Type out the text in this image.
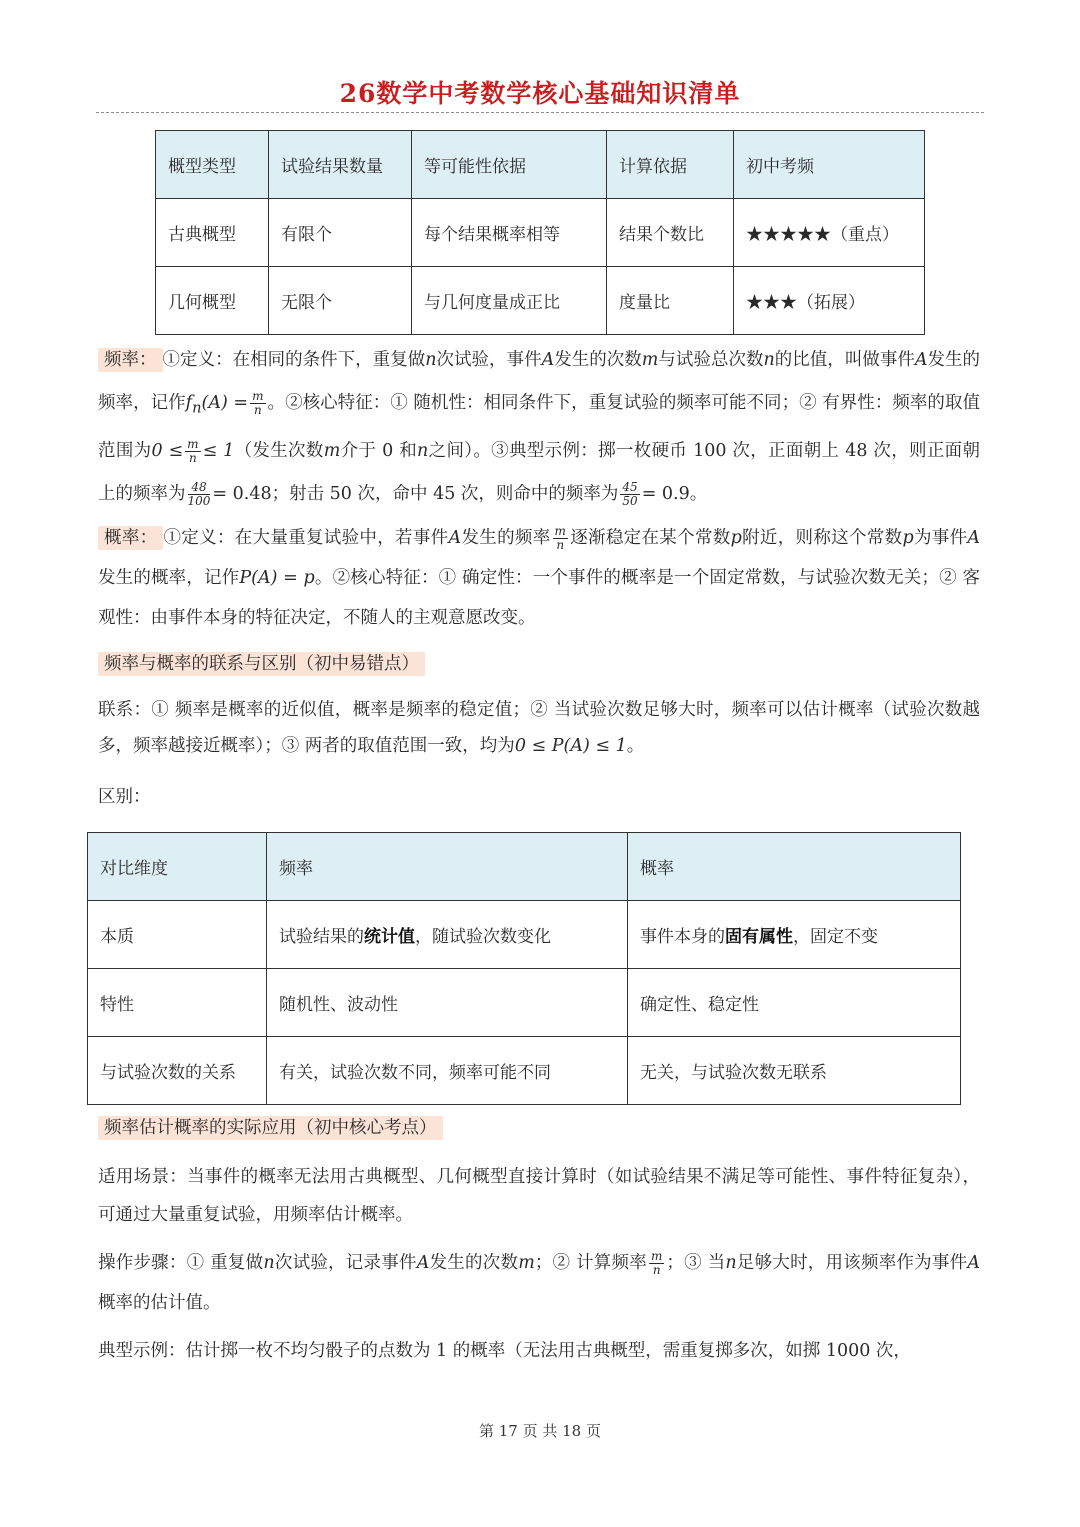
26数学中考数学核心基础知识清单
概型类型	试验结果数量	等可能性依据	计算依据	初中考频
古典概型	有限个	每个结果概率相等	结果个数比	★★★★★（重点）
几何概型	无限个	与几何度量成正比	度量比	★★★（拓展）
频率： ①定义：在相同的条件下，重复做n次试验，事件A发生的次数m与试验总次数n的比值，叫做事件A发生的频率，记作$f_n(A) = \frac{m}{n}$ 。②核心特征：① 随机性：相同条件下，重复试验的频率可能不同；② 有界性：频率的取值范围为$0 \le \frac{m}{n} \le 1$（发生次数m介于 0 和n之间）。③典型示例：掷一枚硬币 100 次，正面朝上 48 次，则正面朝上的频率为 $\frac{48}{100} = 0.48$；射击 50 次，命中 45 次，则命中的频率为 $\frac{45}{50} = 0.9$。
概率： ①定义：在大量重复试验中，若事件A发生的频率 $\frac{m}{n}$ 逐渐稳定在某个常数p附近，则称这个常数p为事件A发生的概率，记作P(A) = p。②核心特征：① 确定性：一个事件的概率是一个固定常数，与试验次数无关；② 客观性：由事件本身的特征决定，不随人的主观意愿改变。
频率与概率的联系与区别（初中易错点）
联系：① 频率是概率的近似值，概率是频率的稳定值；② 当试验次数足够大时，频率可以估计概率（试验次数越多，频率越接近概率）；③ 两者的取值范围一致，均为0 ≤ P(A) ≤ 1。
区别：
对比维度	频率	概率
本质	试验结果的统计值，随试验次数变化	事件本身的固有属性，固定不变
特性	随机性、波动性	确定性、稳定性
与试验次数的关系	有关，试验次数不同，频率可能不同	无关，与试验次数无联系
频率估计概率的实际应用（初中核心考点）
适用场景：当事件的概率无法用古典概型、几何概型直接计算时（如试验结果不满足等可能性、事件特征复杂），可通过大量重复试验，用频率估计概率。
操作步骤：① 重复做n次试验，记录事件A发生的次数m；② 计算频率 $\frac{m}{n}$ ；③ 当n足够大时，用该频率作为事件A概率的估计值。
典型示例：估计掷一枚不均匀骰子的点数为 1 的概率（无法用古典概型，需重复掷多次，如掷 1000 次，
第 17 页 共 18 页
